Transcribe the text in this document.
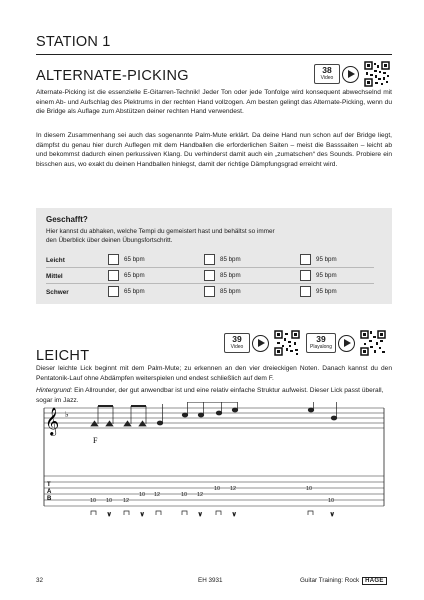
STATION 1
ALTERNATE-PICKING	38
Video

Alternate-Picking ist die essenzielle E-Gitarren-Technik! Jeder Ton oder jede Tonfolge wird konsequent abwechselnd mit einem Ab- und Aufschlag des Plektrums in der rechten Hand vollzogen. Am besten gelingt das Alternate-Picking, wenn du die Bridge als Auflage zum Abstützen deiner rechten Hand verwendest.

In diesem Zusammenhang sei auch das sogenannte Palm-Mute erklärt. Da deine Hand nun schon auf der Bridge liegt, dämpfst du genau hier durch Auflegen mit dem Handballen die erforderlichen Saiten – meist die Basssaiten – leicht ab und bekommst dadurch einen perkussiven Klang. Du verhinderst damit auch ein „zumatschen“ des Sounds. Probiere ein bisschen aus, wo exakt du deinen Handballen hinlegst, damit der richtige Dämpfungsgrad erreicht wird.

Geschafft?
Hier kannst du abhaken, welche Tempi du gemeistert hast und behältst so immer den Überblick über deinen Übungsfortschritt.
Leicht	65 bpm	85 bpm	95 bpm
Mittel	65 bpm	85 bpm	95 bpm
Schwer	65 bpm	85 bpm	95 bpm
LEICHT
39
Video
39
Playalong

Dieser leichte Lick beginnt mit dem Palm-Mute; zu erkennen an den vier dreieckigen Noten. Danach kannst du den Pentatonik-Lauf ohne Abdämpfen weiterspielen und endest schließlich auf dem F.

Hintergrund: Ein Allrounder, der gut anwendbar ist und eine relativ einfache Struktur aufweist. Dieser Lick passt überall, sogar im Jazz.

𝄞 ♭
F
T
A
B	10 10 12
10 12	10 12
10 12	10
10
∨	∨	∨	∨	∨
32	EH 3931	Guitar Training: Rock HAGE
